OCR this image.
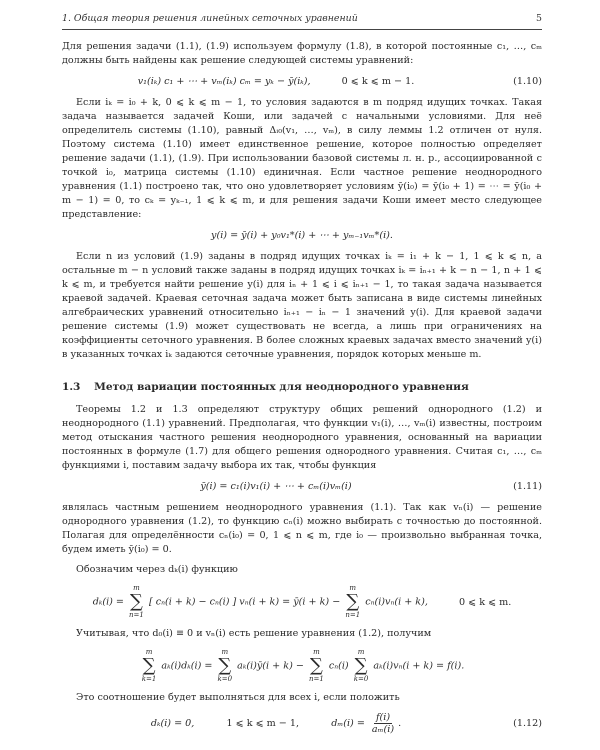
1. Общая теория решения линейных сеточных уравнений	5

Для решения задачи (1.1), (1.9) используем формулу (1.8), в которой постоянные c₁, …, cₘ должны быть найдены как решение следующей системы уравнений:

v₁(iₖ) c₁ + ⋯ + vₘ(iₖ) cₘ = yₖ − ȳ(iₖ),	0 ⩽ k ⩽ m − 1.	(1.10)

Если iₖ = i₀ + k, 0 ⩽ k ⩽ m − 1, то условия задаются в m подряд идущих точках. Такая задача называется задачей Коши, или задачей с начальными условиями. Для неё определитель системы (1.10), равный Δᵢ₀(v₁, …, vₘ), в силу леммы 1.2 отличен от нуля. Поэтому система (1.10) имеет единственное решение, которое полностью определяет решение задачи (1.1), (1.9). При использовании базовой системы л. н. р., ассоциированной с точкой i₀, матрица системы (1.10) единичная. Если частное решение неоднородного уравнения (1.1) построено так, что оно удовлетворяет условиям ȳ(i₀) = ȳ(i₀ + 1) = ⋯ = ȳ(i₀ + m − 1) = 0, то cₖ = yₖ₋₁, 1 ⩽ k ⩽ m, и для решения задачи Коши имеет место следующее представление:

y(i) = ȳ(i) + y₀v₁*(i) + ⋯ + yₘ₋₁vₘ*(i).

Если n из условий (1.9) заданы в подряд идущих точках iₖ = i₁ + k − 1, 1 ⩽ k ⩽ n, а остальные m − n условий также заданы в подряд идущих точках iₖ = iₙ₊₁ + k − n − 1, n + 1 ⩽ k ⩽ m, и требуется найти решение y(i) для iₙ + 1 ⩽ i ⩽ iₙ₊₁ − 1, то такая задача называется краевой задачей. Краевая сеточная задача может быть записана в виде системы линейных алгебраических уравнений относительно iₙ₊₁ − iₙ − 1 значений y(i). Для краевой задачи решение системы (1.9) может существовать не всегда, а лишь при ограничениях на коэффициенты сеточного уравнения. В более сложных краевых задачах вместо значений y(i) в указанных точках iₖ задаются сеточные уравнения, порядок которых меньше m.

1.3 Метод вариации постоянных для неоднородного уравнения

Теоремы 1.2 и 1.3 определяют структуру общих решений однородного (1.2) и неоднородного (1.1) уравнений. Предполагая, что функции v₁(i), …, vₘ(i) известны, построим метод отыскания частного решения неоднородного уравнения, основанный на вариации постоянных в формуле (1.7) для общего решения однородного уравнения. Считая c₁, …, cₘ функциями i, поставим задачу выбора их так, чтобы функция

ȳ(i) = c₁(i)v₁(i) + ⋯ + cₘ(i)vₘ(i)	(1.11)

являлась частным решением неоднородного уравнения (1.1). Так как vₙ(i) — решение однородного уравнения (1.2), то функцию cₙ(i) можно выбирать с точностью до постоянной. Полагая для определённости cₙ(i₀) = 0, 1 ⩽ n ⩽ m, где i₀ — произвольно выбранная точка, будем иметь ȳ(i₀) = 0.

Обозначим через dₖ(i) функцию

dₖ(i) =
m
∑
n=1
[ cₙ(i + k) − cₙ(i) ] vₙ(i + k) = ȳ(i + k) −
m
∑
n=1
cₙ(i)vₙ(i + k),	0 ⩽ k ⩽ m.

Учитывая, что d₀(i) ≡ 0 и vₙ(i) есть решение уравнения (1.2), получим

m
∑
k=1
aₖ(i)dₖ(i) =
m
∑
k=0
aₖ(i)ȳ(i + k) −
m
∑
n=1
cₙ(i)
m
∑
k=0
aₖ(i)vₙ(i + k) = f(i).

Это соотношение будет выполняться для всех i, если положить

dₖ(i) = 0,	1 ⩽ k ⩽ m − 1,	$d_m(i) = \frac{f(i)}{\text{aₘ(i)}}$ .	(1.12)
